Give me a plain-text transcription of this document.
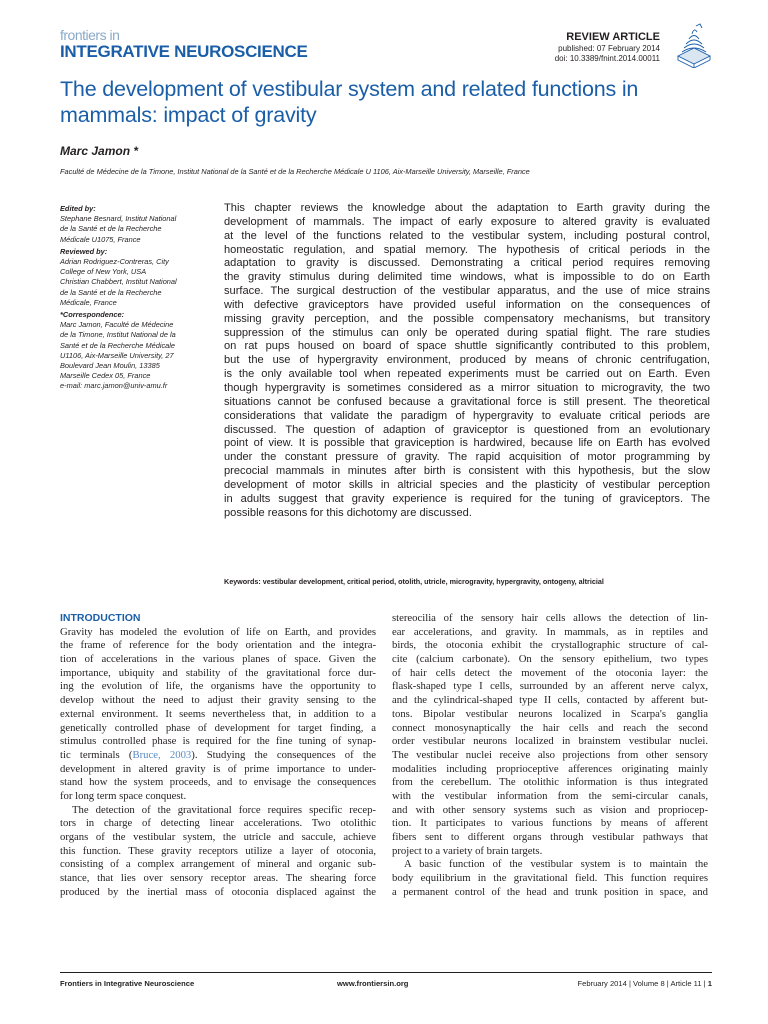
frontiers in
INTEGRATIVE NEUROSCIENCE
REVIEW ARTICLE
published: 07 February 2014
doi: 10.3389/fnint.2014.00011
The development of vestibular system and related functions in mammals: impact of gravity
Marc Jamon *
Faculté de Médecine de la Timone, Institut National de la Santé et de la Recherche Médicale U 1106, Aix-Marseille University, Marseille, France
Edited by:
Stephane Besnard, Institut National
de la Santé et de la Recherche
Médicale U1075, France
Reviewed by:
Adrian Rodriguez-Contreras, City
College of New York, USA
Christian Chabbert, Institut National
de la Santé et de la Recherche
Médicale, France
*Correspondence:
Marc Jamon, Faculté de Médecine
de la Timone, Institut National de la
Santé et de la Recherche Médicale
U1106, Aix-Marseille University, 27
Boulevard Jean Moulin, 13385
Marseille Cedex 05, France
e-mail: marc.jamon@univ-amu.fr
This chapter reviews the knowledge about the adaptation to Earth gravity during the
development of mammals. The impact of early exposure to altered gravity is evaluated
at the level of the functions related to the vestibular system, including postural control,
homeostatic regulation, and spatial memory. The hypothesis of critical periods in the
adaptation to gravity is discussed. Demonstrating a critical period requires removing
the gravity stimulus during delimited time windows, what is impossible to do on Earth
surface. The surgical destruction of the vestibular apparatus, and the use of mice strains
with defective graviceptors have provided useful information on the consequences of
missing gravity perception, and the possible compensatory mechanisms, but transitory
suppression of the stimulus can only be operated during spatial flight. The rare studies
on rat pups housed on board of space shuttle significantly contributed to this problem,
but the use of hypergravity environment, produced by means of chronic centrifugation,
is the only available tool when repeated experiments must be carried out on Earth. Even
though hypergravity is sometimes considered as a mirror situation to microgravity, the two
situations cannot be confused because a gravitational force is still present. The theoretical
considerations that validate the paradigm of hypergravity to evaluate critical periods are
discussed. The question of adaption of graviceptor is questioned from an evolutionary
point of view. It is possible that graviception is hardwired, because life on Earth has evolved
under the constant pressure of gravity. The rapid acquisition of motor programming by
precocial mammals in minutes after birth is consistent with this hypothesis, but the slow
development of motor skills in altricial species and the plasticity of vestibular perception
in adults suggest that gravity experience is required for the tuning of graviceptors. The
possible reasons for this dichotomy are discussed.
Keywords: vestibular development, critical period, otolith, utricle, microgravity, hypergravity, ontogeny, altricial
INTRODUCTION
Gravity has modeled the evolution of life on Earth, and provides
the frame of reference for the body orientation and the integra-
tion of accelerations in the various planes of space. Given the
importance, ubiquity and stability of the gravitational force dur-
ing the evolution of life, the organisms have the opportunity to
develop without the need to adjust their gravity sensing to the
external environment. It seems nevertheless that, in addition to a
genetically controlled phase of development for target finding, a
stimulus controlled phase is required for the fine tuning of synap-
tic terminals (Bruce, 2003). Studying the consequences of the
development in altered gravity is of prime importance to under-
stand how the system proceeds, and to envisage the consequences
for long term space conquest.
The detection of the gravitational force requires specific recep-
tors in charge of detecting linear accelerations. Two otolithic
organs of the vestibular system, the utricle and saccule, achieve
this function. These gravity receptors utilize a layer of otoconia,
consisting of a complex arrangement of mineral and organic sub-
stance, that lies over sensory receptor areas. The shearing force
produced by the inertial mass of otoconia displaced against the
stereocilia of the sensory hair cells allows the detection of lin-
ear accelerations, and gravity. In mammals, as in reptiles and
birds, the otoconia exhibit the crystallographic structure of cal-
cite (calcium carbonate). On the sensory epithelium, two types
of hair cells detect the movement of the otoconia layer: the
flask-shaped type I cells, surrounded by an afferent nerve calyx,
and the cylindrical-shaped type II cells, contacted by afferent but-
tons. Bipolar vestibular neurons localized in Scarpa's ganglia
connect monosynaptically the hair cells and reach the second
order vestibular neurons localized in brainstem vestibular nuclei.
The vestibular nuclei receive also projections from other sensory
modalities including proprioceptive afferences originating mainly
from the cerebellum. The otolithic information is thus integrated
with the vestibular information from the semi-circular canals,
and with other sensory systems such as vision and propriocep-
tion. It participates to various functions by means of afferent
fibers sent to different organs through vestibular pathways that
project to a variety of brain targets.
A basic function of the vestibular system is to maintain the
body equilibrium in the gravitational field. This function requires
a permanent control of the head and trunk position in space, and
Frontiers in Integrative Neuroscience	www.frontiersin.org	February 2014 | Volume 8 | Article 11 | 1
